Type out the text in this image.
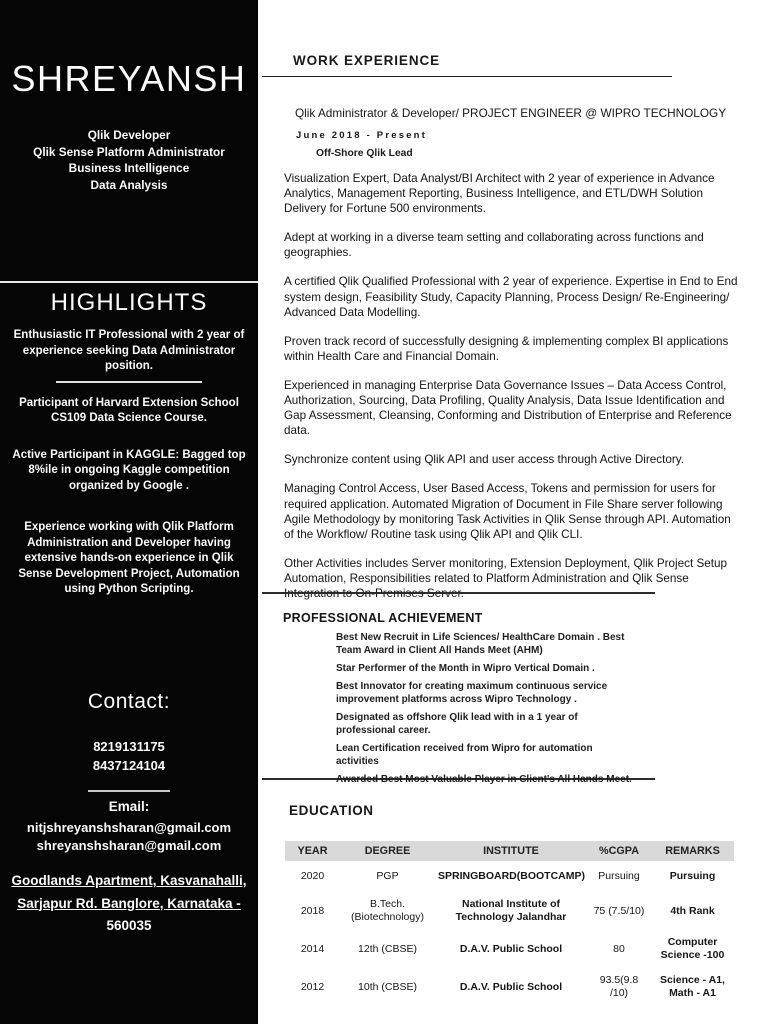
SHREYANSH
Qlik Developer
Qlik Sense Platform Administrator
Business Intelligence
Data Analysis
HIGHLIGHTS

Enthusiastic IT Professional with 2 year of experience seeking Data Administrator position.

Participant of Harvard Extension School CS109 Data Science Course.

Active Participant in KAGGLE: Bagged top 8%ile in ongoing Kaggle competition organized by Google .

Experience working with Qlik Platform Administration and Developer having extensive hands-on experience in Qlik Sense Development Project, Automation using Python Scripting.

Contact:
8219131175
8437124104
Email:
nitjshreyanshsharan@gmail.com
shreyanshsharan@gmail.com
Goodlands Apartment, Kasvanahalli,
Sarjapur Rd. Banglore, Karnataka -
560035
WORK EXPERIENCE
Qlik Administrator & Developer/ PROJECT ENGINEER @ WIPRO TECHNOLOGY
June 2018 - Present
Off-Shore Qlik Lead

Visualization Expert, Data Analyst/BI Architect with 2 year of experience in Advance Analytics, Management Reporting, Business Intelligence, and ETL/DWH Solution Delivery for Fortune 500 environments.

Adept at working in a diverse team setting and collaborating across functions and geographies.

A certified Qlik Qualified Professional with 2 year of experience. Expertise in End to End system design, Feasibility Study, Capacity Planning, Process Design/ Re-Engineering/ Advanced Data Modelling.

Proven track record of successfully designing & implementing complex BI applications within Health Care and Financial Domain.

Experienced in managing Enterprise Data Governance Issues – Data Access Control, Authorization, Sourcing, Data Profiling, Quality Analysis, Data Issue Identification and Gap Assessment, Cleansing, Conforming and Distribution of Enterprise and Reference data.

Synchronize content using Qlik API and user access through Active Directory.

Managing Control Access, User Based Access, Tokens and permission for users for required application. Automated Migration of Document in File Share server following Agile Methodology by monitoring Task Activities in Qlik Sense through API. Automation of the Workflow/ Routine task using Qlik API and Qlik CLI.

Other Activities includes Server monitoring, Extension Deployment, Qlik Project Setup Automation, Responsibilities related to Platform Administration and Qlik Sense Integration to On-Premises Server.

PROFESSIONAL ACHIEVEMENT

Best New Recruit in Life Sciences/ HealthCare Domain . Best Team Award in Client All Hands Meet (AHM)

Star Performer of the Month in Wipro Vertical Domain .

Best Innovator for creating maximum continuous service improvement platforms across Wipro Technology .

Designated as offshore Qlik lead with in a 1 year of professional career.

Lean Certification received from Wipro for automation activities

Awarded Best Most Valuable Player in Client's All Hands Meet.

EDUCATION
YEAR	DEGREE	INSTITUTE	%CGPA	REMARKS
2020	PGP	SPRINGBOARD(BOOTCAMP)	Pursuing	Pursuing
2018	B.Tech. (Biotechnology)	National Institute of Technology Jalandhar	75 (7.5/10)	4th Rank
2014	12th (CBSE)	D.A.V. Public School	80	Computer Science -100
2012	10th (CBSE)	D.A.V. Public School	93.5(9.8 /10)	Science - A1, Math - A1
